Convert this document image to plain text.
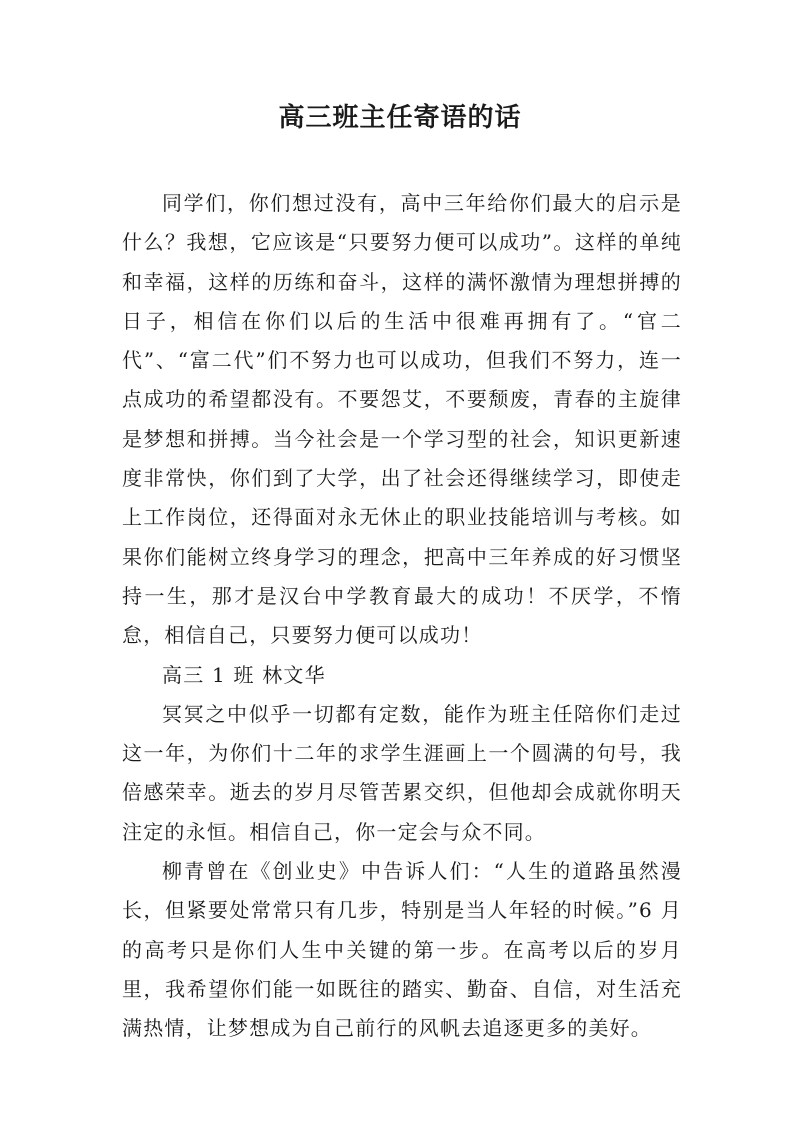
高三班主任寄语的话

同学们，你们想过没有，高中三年给你们最大的启示是什么？我想，它应该是“只要努力便可以成功”。这样的单纯和幸福，这样的历练和奋斗，这样的满怀激情为理想拼搏的日子，相信在你们以后的生活中很难再拥有了。“官二代”、“富二代”们不努力也可以成功，但我们不努力，连一点成功的希望都没有。不要怨艾，不要颓废，青春的主旋律是梦想和拼搏。当今社会是一个学习型的社会，知识更新速度非常快，你们到了大学，出了社会还得继续学习，即使走上工作岗位，还得面对永无休止的职业技能培训与考核。如果你们能树立终身学习的理念，把高中三年养成的好习惯坚持一生，那才是汉台中学教育最大的成功！不厌学，不惰怠，相信自己，只要努力便可以成功！

高三 1 班 林文华

冥冥之中似乎一切都有定数，能作为班主任陪你们走过这一年，为你们十二年的求学生涯画上一个圆满的句号，我倍感荣幸。逝去的岁月尽管苦累交织，但他却会成就你明天注定的永恒。相信自己，你一定会与众不同。

柳青曾在《创业史》中告诉人们：“人生的道路虽然漫长，但紧要处常常只有几步，特别是当人年轻的时候。”6 月的高考只是你们人生中关键的第一步。在高考以后的岁月里，我希望你们能一如既往的踏实、勤奋、自信，对生活充满热情，让梦想成为自己前行的风帆去追逐更多的美好。
